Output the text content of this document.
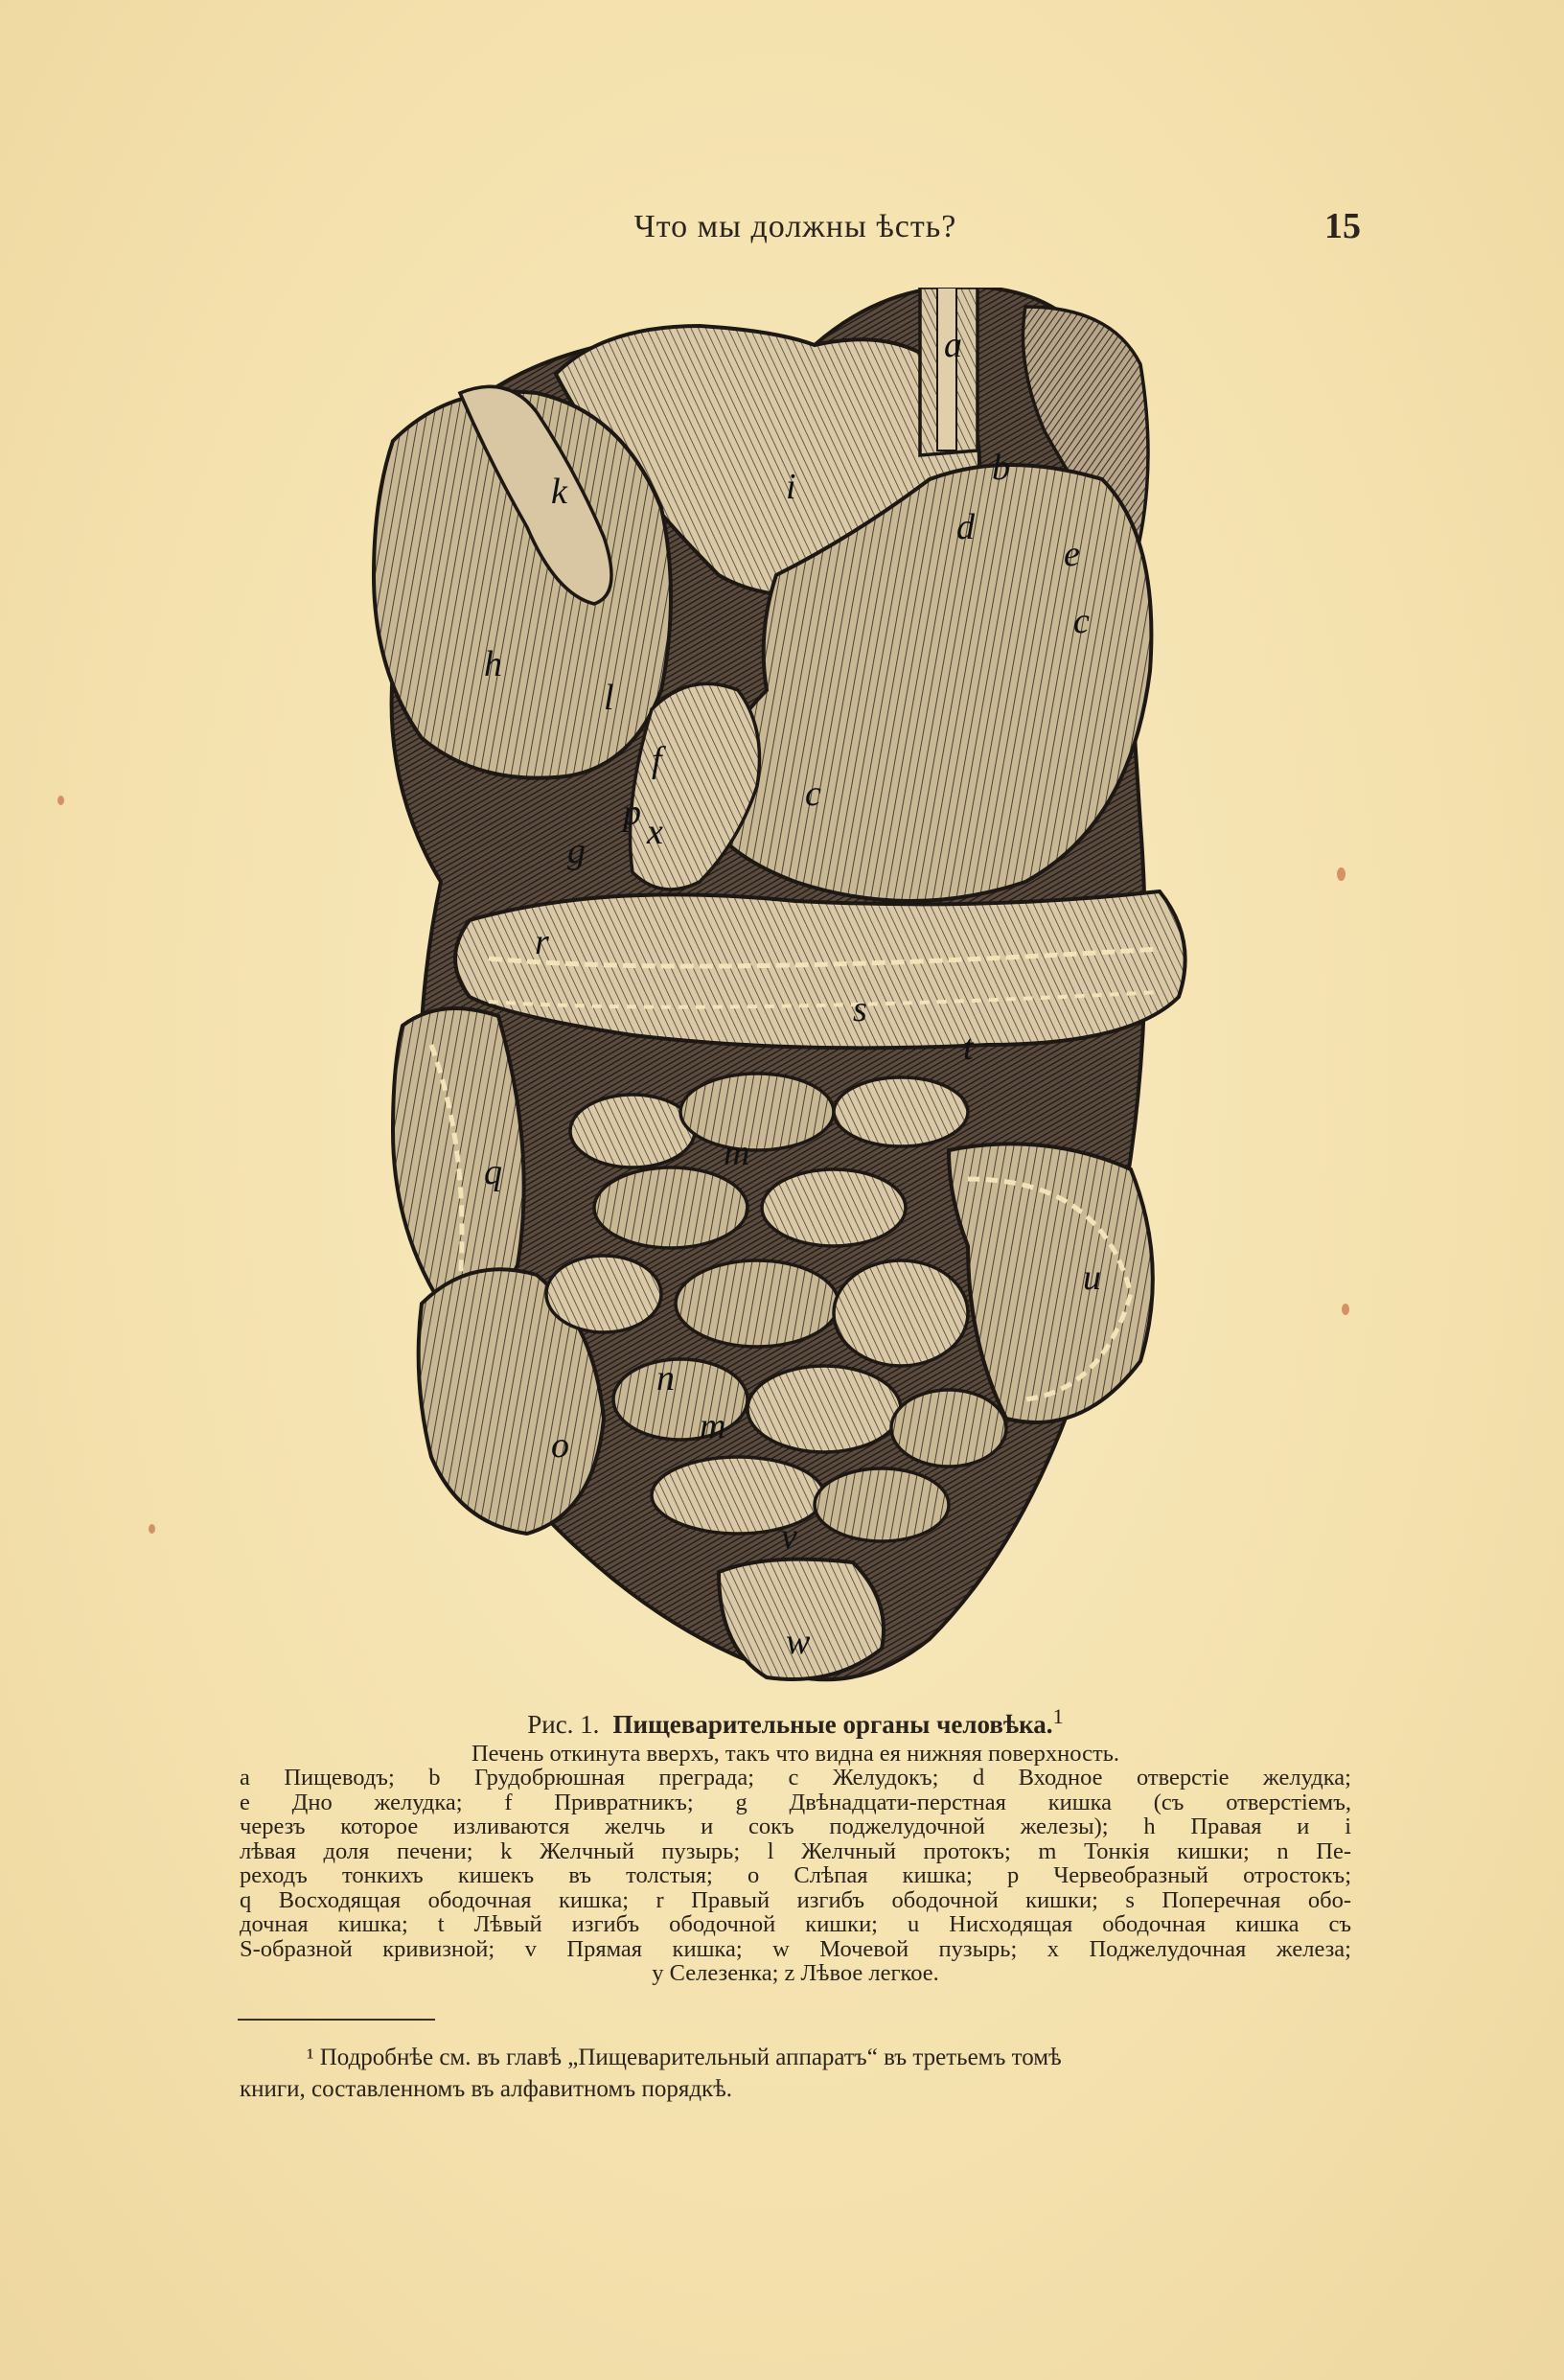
Что мы должны ѣсть?	15
a
b
d
e
c
i
k
h
l
f
c
g
p x
r
s
t
q	m
u
n
o	m
v
w
Рис. 1. Пищеварительные органы человѣка.$^1$
Печень откинута вверхъ, такъ что видна ея нижняя поверхность.
a Пищеводъ; b Грудобрюшная преграда; c Желудокъ; d Входное отверстіе желудка;
e Дно желудка; f Привратникъ; g Двѣнадцати-перстная кишка (съ отверстіемъ,
черезъ которое изливаются желчь и сокъ поджелудочной железы); h Правая и i
лѣвая доля печени; k Желчный пузырь; l Желчный протокъ; m Тонкія кишки; n Пе-
реходъ тонкихъ кишекъ въ толстыя; o Слѣпая кишка; p Червеобразный отростокъ;
q Восходящая ободочная кишка; r Правый изгибъ ободочной кишки; s Поперечная обо-
дочная кишка; t Лѣвый изгибъ ободочной кишки; u Нисходящая ободочная кишка съ
S-образной кривизной; v Прямая кишка; w Мочевой пузырь; x Поджелудочная железа;
y Селезенка; z Лѣвое легкое.
¹ Подробнѣе см. въ главѣ „Пищеварительный аппаратъ“ въ третьемъ томѣ
книги, составленномъ въ алфавитномъ порядкѣ.
